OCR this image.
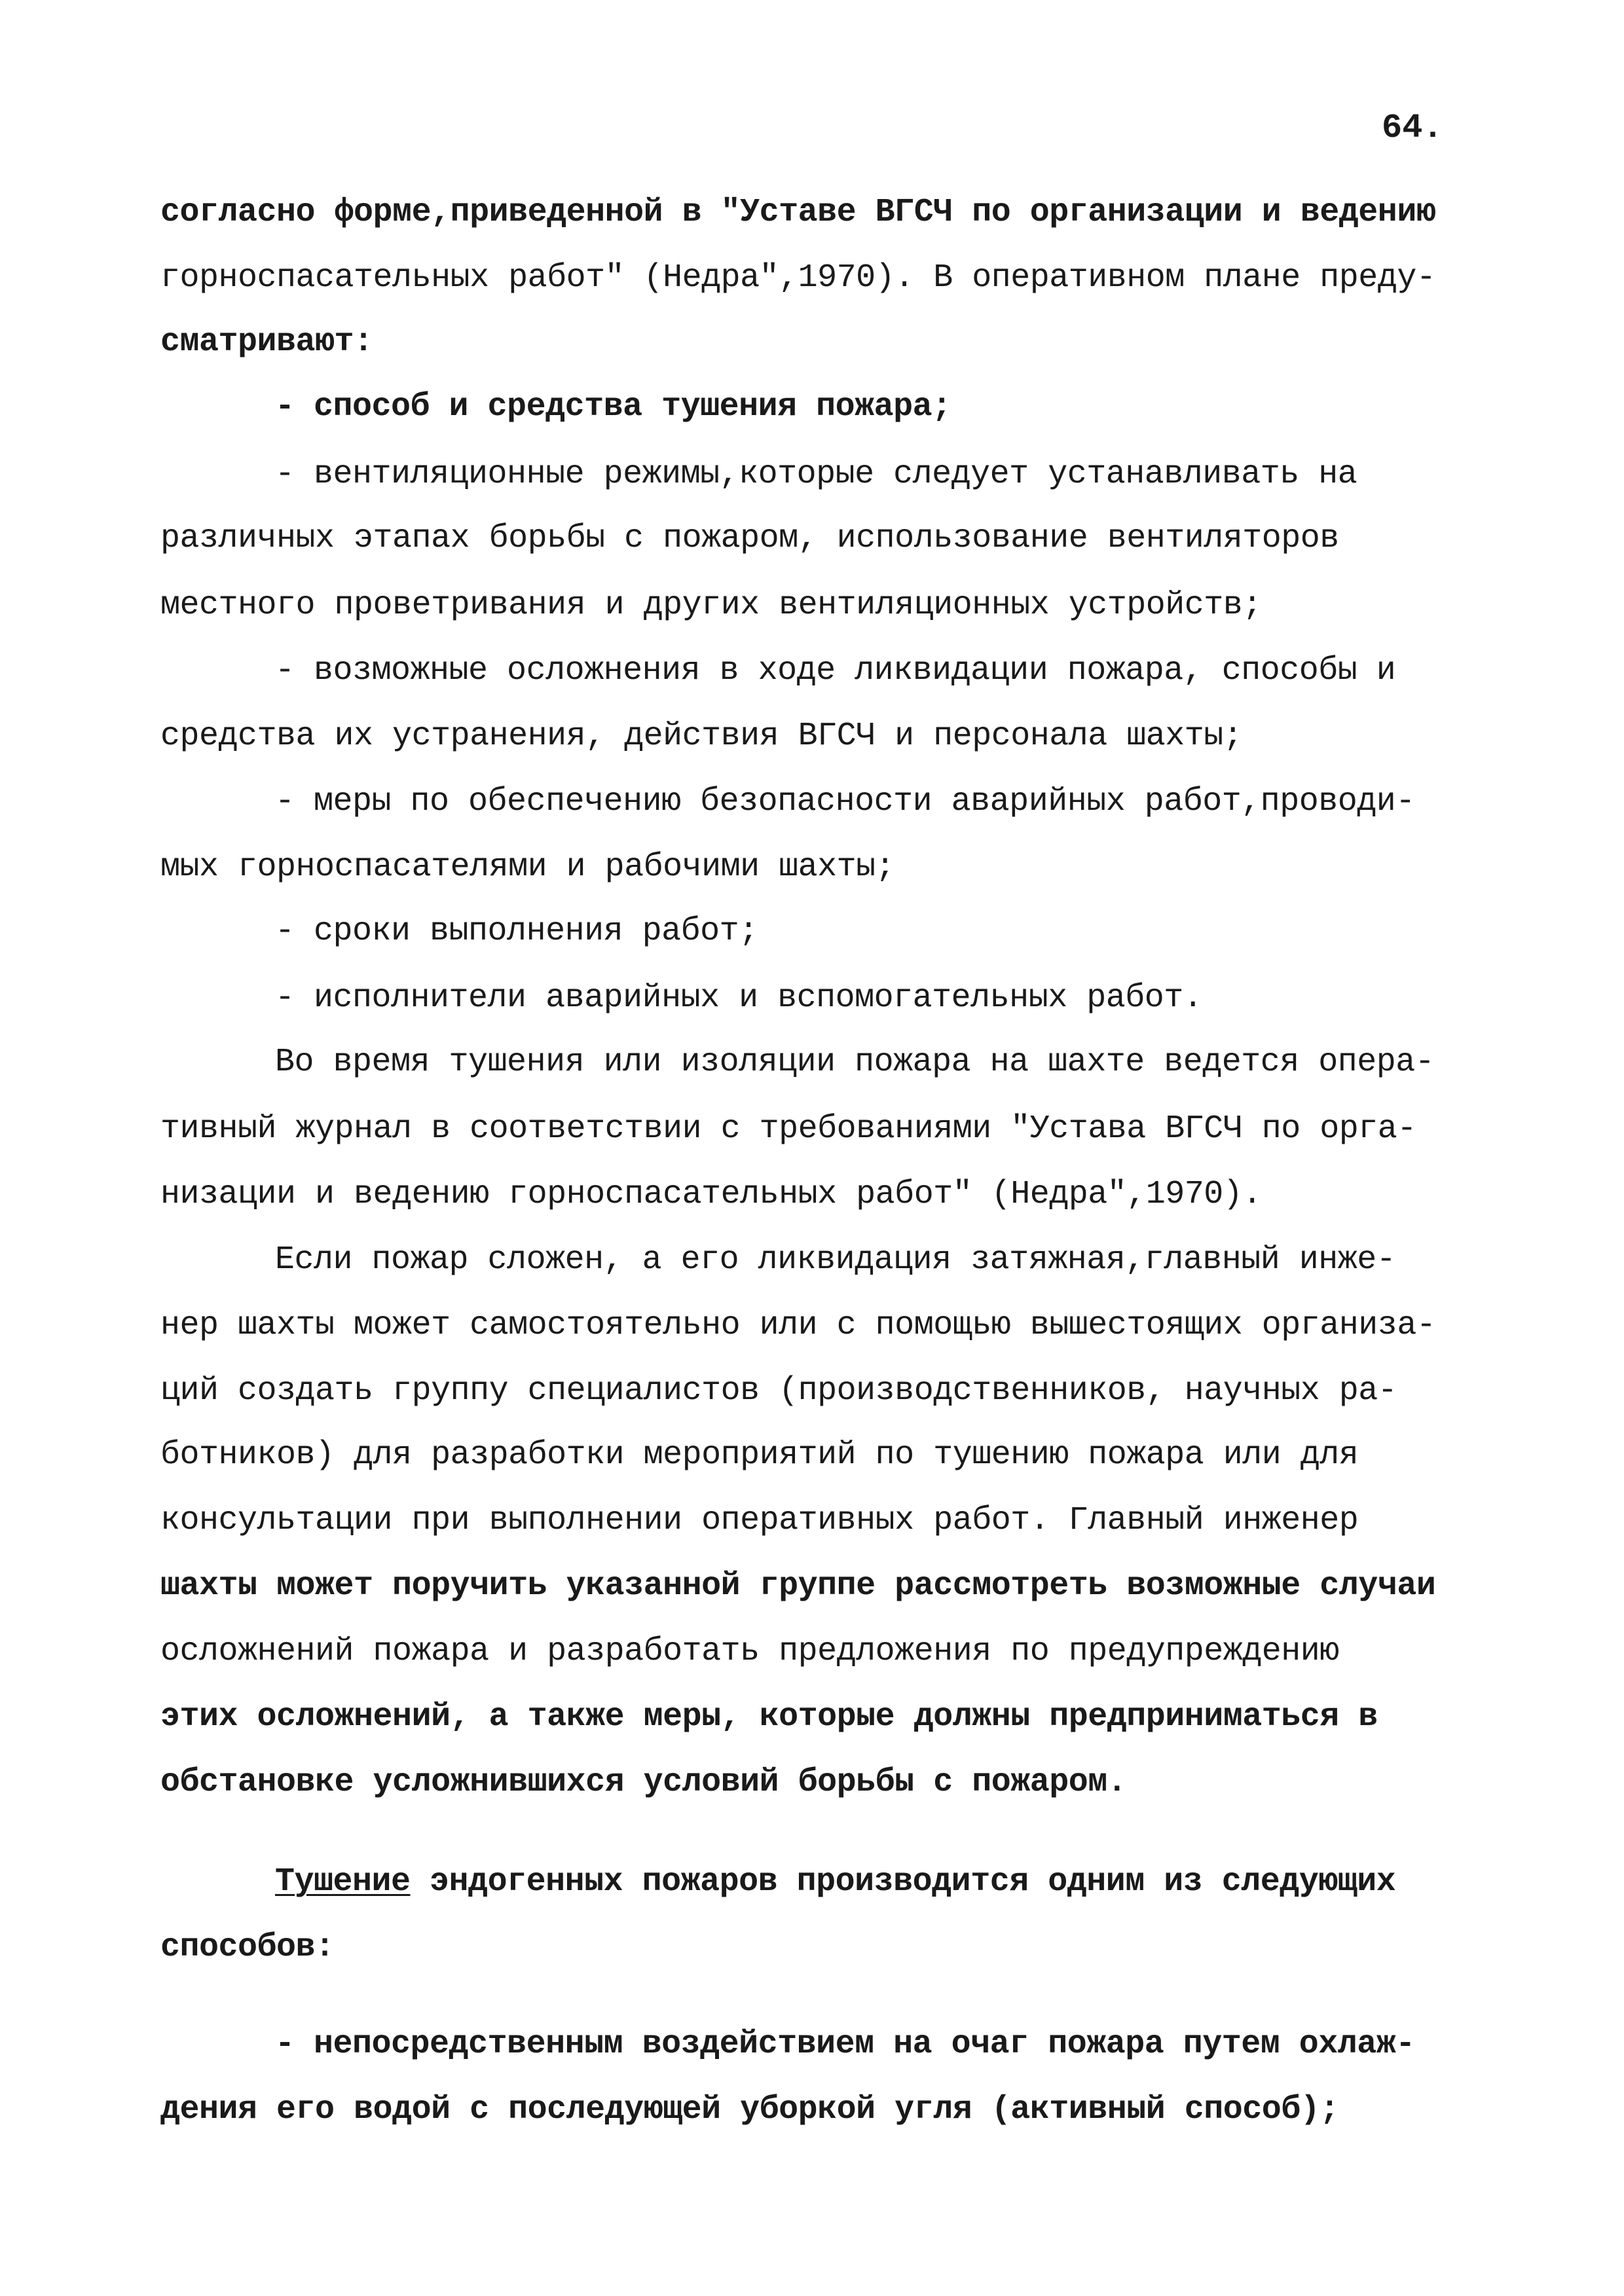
64.
согласно форме,приведенной в "Уставе ВГСЧ по организации и ведению
горноспасательных работ" (Недра",1970). В оперативном плане преду-
сматривают:
- способ и средства тушения пожара;
- вентиляционные режимы,которые следует устанавливать на
различных этапах борьбы с пожаром, использование вентиляторов
местного проветривания и других вентиляционных устройств;
- возможные осложнения в ходе ликвидации пожара, способы и
средства их устранения, действия ВГСЧ и персонала шахты;
- меры по обеспечению безопасности аварийных работ,проводи-
мых горноспасателями и рабочими шахты;
- сроки выполнения работ;
- исполнители аварийных и вспомогательных работ.
Во время тушения или изоляции пожара на шахте ведется опера-
тивный журнал в соответствии с требованиями "Устава ВГСЧ по орга-
низации и ведению горноспасательных работ" (Недра",1970).
Если пожар сложен, а его ликвидация затяжная,главный инже-
нер шахты может самостоятельно или с помощью вышестоящих организа-
ций создать группу специалистов (производственников, научных ра-
ботников) для разработки мероприятий по тушению пожара или для
консультации при выполнении оперативных работ. Главный инженер
шахты может поручить указанной группе рассмотреть возможные случаи
осложнений пожара и разработать предложения по предупреждению
этих осложнений, а также меры, которые должны предприниматься в
обстановке усложнившихся условий борьбы с пожаром.
Тушение эндогенных пожаров производится одним из следующих
способов:
- непосредственным воздействием на очаг пожара путем охлаж-
дения его водой с последующей уборкой угля (активный способ);
